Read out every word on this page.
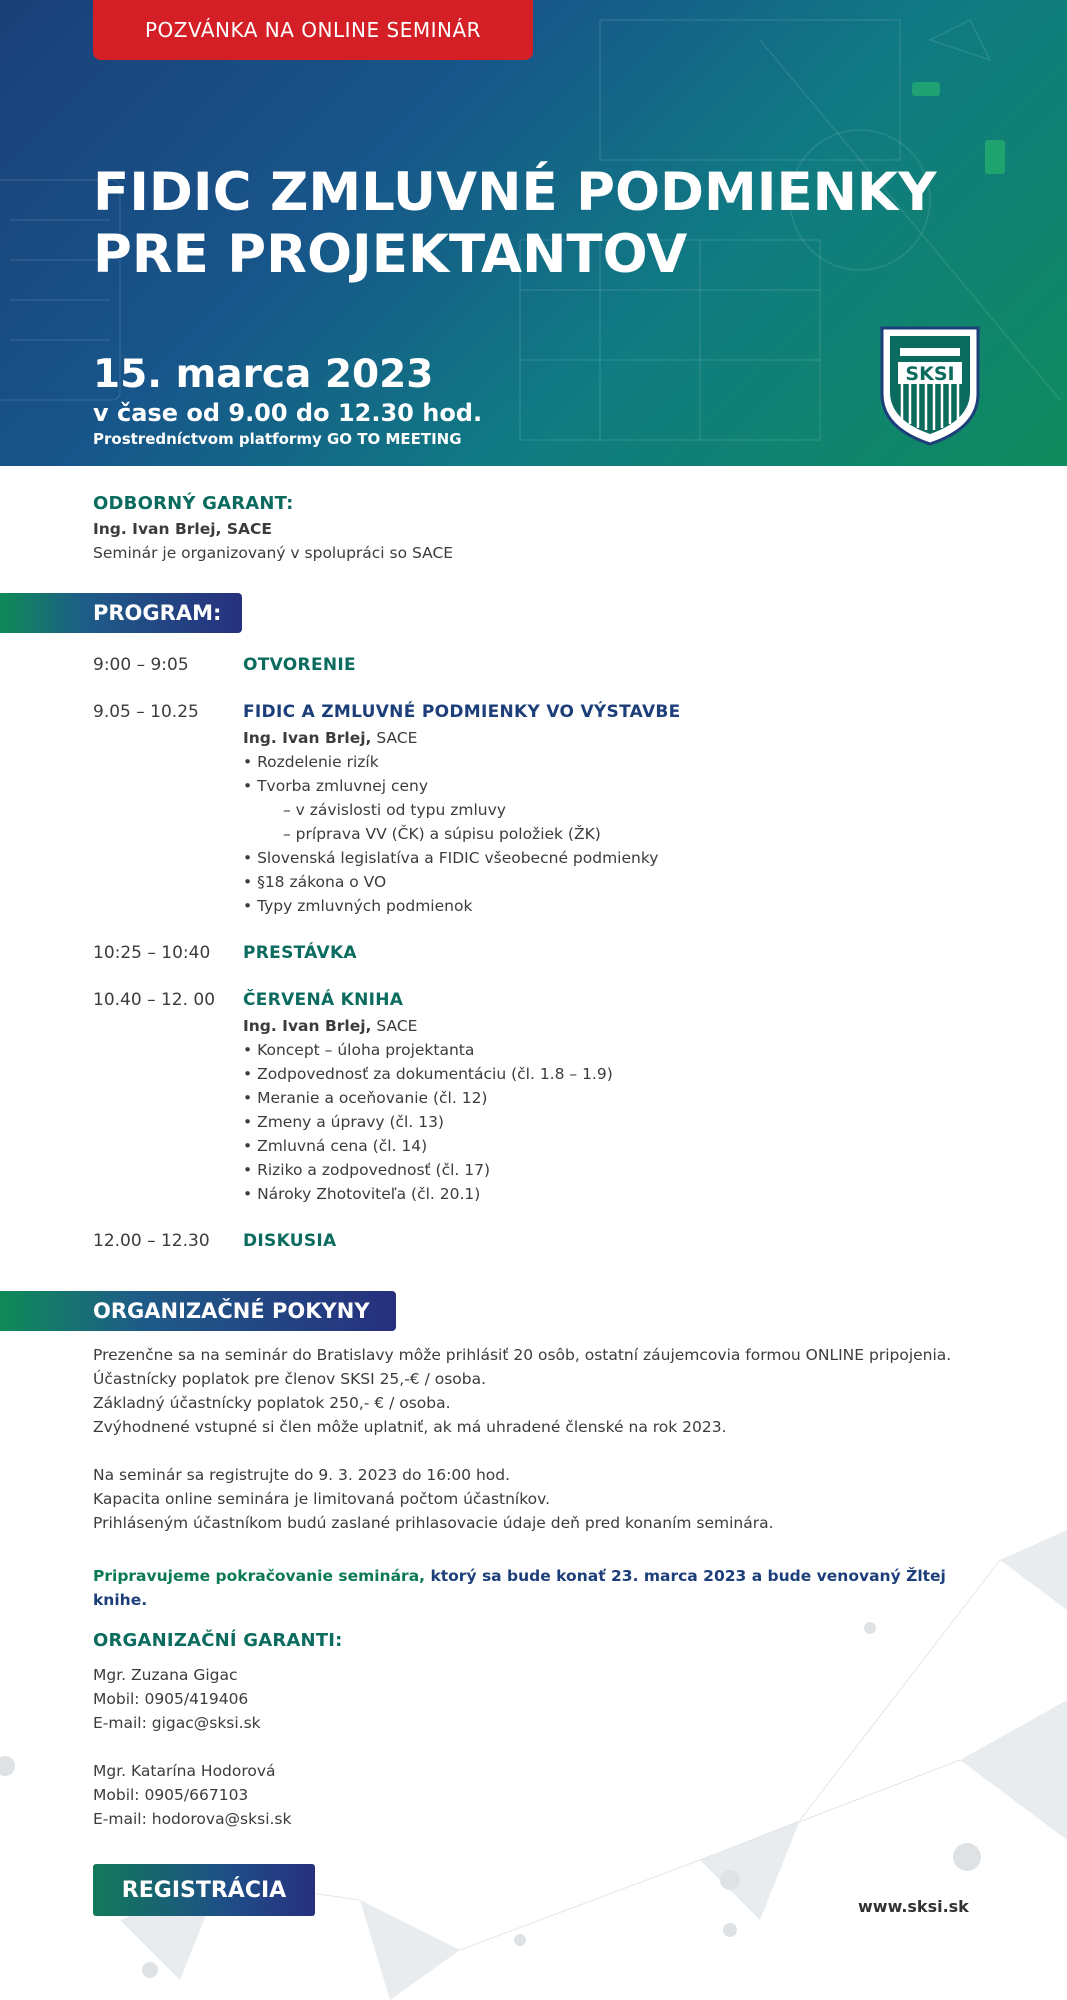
POZVÁNKA NA ONLINE SEMINÁR
FIDIC ZMLUVNÉ PODMIENKY
PRE PROJEKTANTOV
15. marca 2023
v čase od 9.00 do 12.30 hod.
Prostredníctvom platformy GO TO MEETING
SKSI
ODBORNÝ GARANT:
Ing. Ivan Brlej, SACE
Seminár je organizovaný v spolupráci so SACE
PROGRAM:
9:00 – 9:05	OTVORENIE
9.05 – 10.25	FIDIC A ZMLUVNÉ PODMIENKY VO VÝSTAVBE
Ing. Ivan Brlej, SACE
• Rozdelenie rizík
• Tvorba zmluvnej ceny
– v závislosti od typu zmluvy
– príprava VV (ČK) a súpisu položiek (ŽK)
• Slovenská legislatíva a FIDIC všeobecné podmienky
• §18 zákona o VO
• Typy zmluvných podmienok
10:25 – 10:40 PRESTÁVKA
10.40 – 12. 00 ČERVENÁ KNIHA
Ing. Ivan Brlej, SACE
• Koncept – úloha projektanta
• Zodpovednosť za dokumentáciu (čl. 1.8 – 1.9)
• Meranie a oceňovanie (čl. 12)
• Zmeny a úpravy (čl. 13)
• Zmluvná cena (čl. 14)
• Riziko a zodpovednosť (čl. 17)
• Nároky Zhotoviteľa (čl. 20.1)
12.00 – 12.30 DISKUSIA
ORGANIZAČNÉ POKYNY
Prezenčne sa na seminár do Bratislavy môže prihlásiť 20 osôb, ostatní záujemcovia formou ONLINE pripojenia.
Účastnícky poplatok pre členov SKSI 25,-€ / osoba.
Základný účastnícky poplatok 250,- € / osoba.
Zvýhodnené vstupné si člen môže uplatniť, ak má uhradené členské na rok 2023.
Na seminár sa registrujte do 9. 3. 2023 do 16:00 hod.
Kapacita online seminára je limitovaná počtom účastníkov.
Prihláseným účastníkom budú zaslané prihlasovacie údaje deň pred konaním seminára.
Pripravujeme pokračovanie seminára, ktorý sa bude konať 23. marca 2023 a bude venovaný Žltej knihe.
ORGANIZAČNÍ GARANTI:
Mgr. Zuzana Gigac
Mobil: 0905/419406
E-mail: gigac@sksi.sk
Mgr. Katarína Hodorová
Mobil: 0905/667103
E-mail: hodorova@sksi.sk
REGISTRÁCIA
www.sksi.sk
